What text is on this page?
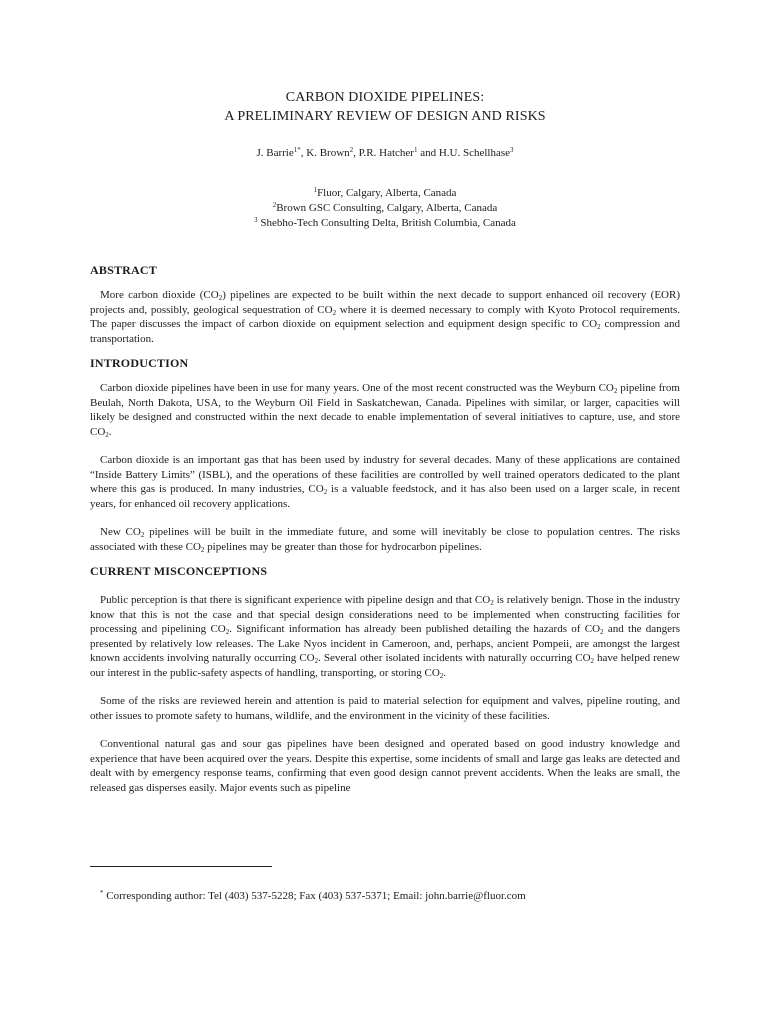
CARBON DIOXIDE PIPELINES:
A PRELIMINARY REVIEW OF DESIGN AND RISKS
J. Barrie$^{1*}$, K. Brown$^2$, P.R. Hatcher$^1$ and H.U. Schellhase$^3$
$^1$Fluor, Calgary, Alberta, Canada
$^2$Brown GSC Consulting, Calgary, Alberta, Canada
$^3$ Shebho-Tech Consulting Delta, British Columbia, Canada
ABSTRACT

More carbon dioxide $(CO_2)$ pipelines are expected to be built within the next decade to support enhanced oil recovery (EOR) projects and, possibly, geological sequestration of $CO_2$ where it is deemed necessary to comply with Kyoto Protocol requirements. The paper discusses the impact of carbon dioxide on equipment selection and equipment design specific to $CO_2$ compression and transportation.

INTRODUCTION

Carbon dioxide pipelines have been in use for many years. One of the most recent constructed was the Weyburn $CO_2$ pipeline from Beulah, North Dakota, USA, to the Weyburn Oil Field in Saskatchewan, Canada. Pipelines with similar, or larger, capacities will likely be designed and constructed within the next decade to enable implementation of several initiatives to capture, use, and store $CO_2$.

Carbon dioxide is an important gas that has been used by industry for several decades. Many of these applications are contained “Inside Battery Limits” (ISBL), and the operations of these facilities are controlled by well trained operators dedicated to the plant where this gas is produced. In many industries, $CO_2$ is a valuable feedstock, and it has also been used on a larger scale, in recent years, for enhanced oil recovery applications.

New $CO_2$ pipelines will be built in the immediate future, and some will inevitably be close to population centres. The risks associated with these $CO_2$ pipelines may be greater than those for hydrocarbon pipelines.

CURRENT MISCONCEPTIONS

Public perception is that there is significant experience with pipeline design and that $CO_2$ is relatively benign. Those in the industry know that this is not the case and that special design considerations need to be implemented when constructing facilities for processing and pipelining $CO_2$. Significant information has already been published detailing the hazards of $CO_2$ and the dangers presented by relatively low releases. The Lake Nyos incident in Cameroon, and, perhaps, ancient Pompeii, are amongst the largest known accidents involving naturally occurring $CO_2$. Several other isolated incidents with naturally occurring $CO_2$ have helped renew our interest in the public-safety aspects of handling, transporting, or storing $CO_2$.

Some of the risks are reviewed herein and attention is paid to material selection for equipment and valves, pipeline routing, and other issues to promote safety to humans, wildlife, and the environment in the vicinity of these facilities.

Conventional natural gas and sour gas pipelines have been designed and operated based on good industry knowledge and experience that have been acquired over the years. Despite this expertise, some incidents of small and large gas leaks are detected and dealt with by emergency response teams, confirming that even good design cannot prevent accidents. When the leaks are small, the released gas disperses easily. Major events such as pipeline

* Corresponding author: Tel (403) 537-5228; Fax (403) 537-5371; Email: john.barrie@fluor.com
